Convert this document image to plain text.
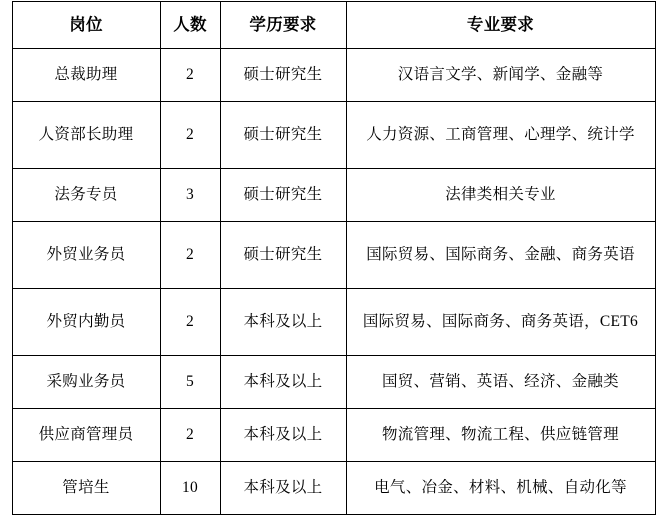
岗位	人数	学历要求	专业要求
总裁助理	2	硕士研究生	汉语言文学、新闻学、金融等
人资部长助理	2	硕士研究生	人力资源、工商管理、心理学、统计学
法务专员	3	硕士研究生	法律类相关专业
外贸业务员	2	硕士研究生	国际贸易、国际商务、金融、商务英语
外贸内勤员	2	本科及以上	国际贸易、国际商务、商务英语，CET6
采购业务员	5	本科及以上	国贸、营销、英语、经济、金融类
供应商管理员	2	本科及以上	物流管理、物流工程、供应链管理
管培生	10	本科及以上	电气、冶金、材料、机械、自动化等
